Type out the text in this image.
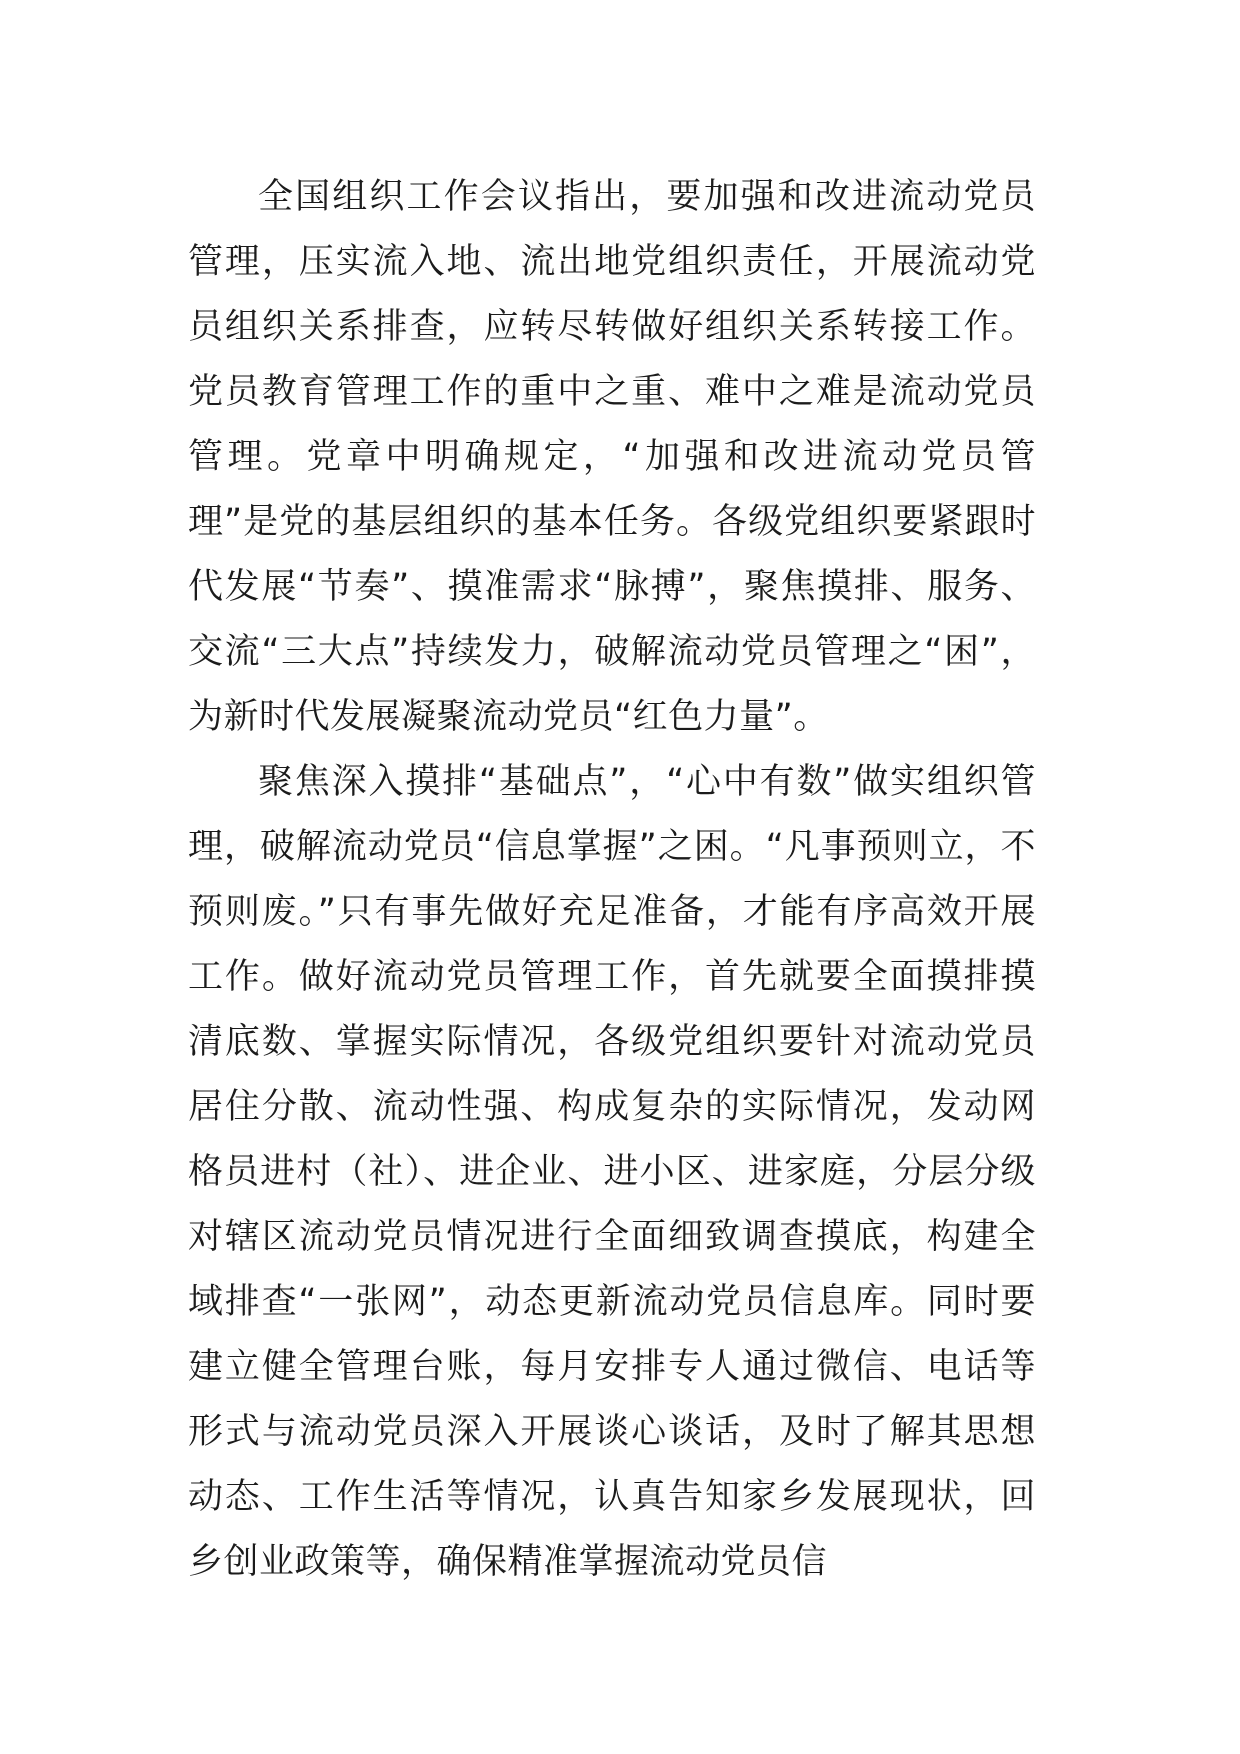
全国组织工作会议指出，要加强和改进流动党员管理，压实流入地、流出地党组织责任，开展流动党员组织关系排查，应转尽转做好组织关系转接工作。党员教育管理工作的重中之重、难中之难是流动党员管理。党章中明确规定，“加强和改进流动党员管理”是党的基层组织的基本任务。各级党组织要紧跟时代发展“节奏”、摸准需求“脉搏”，聚焦摸排、服务、交流“三大点”持续发力，破解流动党员管理之“困”，为新时代发展凝聚流动党员“红色力量”。

聚焦深入摸排“基础点”，“心中有数”做实组织管理，破解流动党员“信息掌握”之困。“凡事预则立，不预则废。”只有事先做好充足准备，才能有序高效开展工作。做好流动党员管理工作，首先就要全面摸排摸清底数、掌握实际情况，各级党组织要针对流动党员居住分散、流动性强、构成复杂的实际情况，发动网格员进村（社）、进企业、进小区、进家庭，分层分级对辖区流动党员情况进行全面细致调查摸底，构建全域排查“一张网”，动态更新流动党员信息库。同时要建立健全管理台账，每月安排专人通过微信、电话等形式与流动党员深入开展谈心谈话，及时了解其思想动态、工作生活等情况，认真告知家乡发展现状，回乡创业政策等，确保精准掌握流动党员信
